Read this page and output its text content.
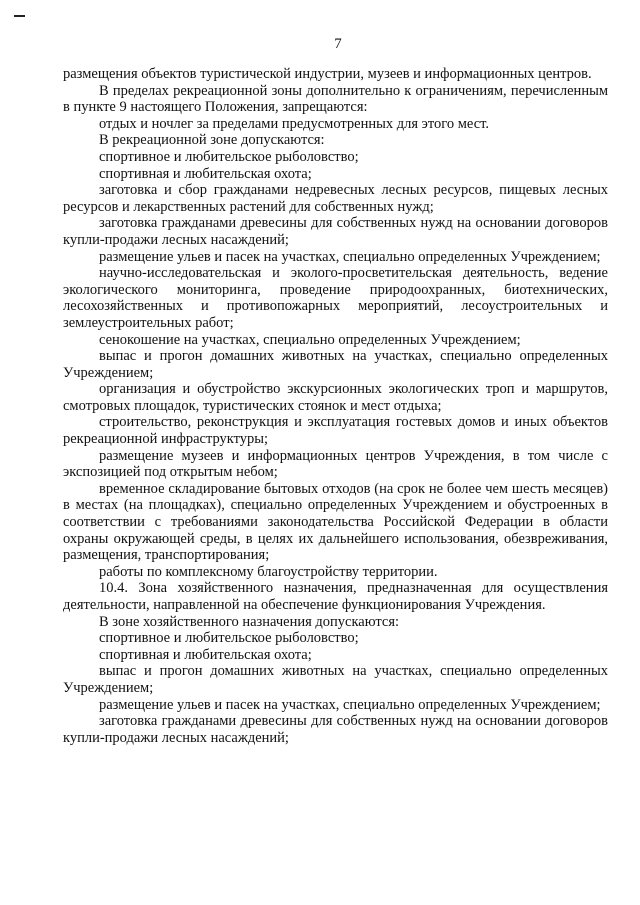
7

размещения объектов туристической индустрии, музеев и информационных центров.

В пределах рекреационной зоны дополнительно к ограничениям, перечисленным в пункте 9 настоящего Положения, запрещаются:

отдых и ночлег за пределами предусмотренных для этого мест.

В рекреационной зоне допускаются:

спортивное и любительское рыболовство;

спортивная и любительская охота;

заготовка и сбор гражданами недревесных лесных ресурсов, пищевых лесных ресурсов и лекарственных растений для собственных нужд;

заготовка гражданами древесины для собственных нужд на основании договоров купли-продажи лесных насаждений;

размещение ульев и пасек на участках, специально определенных Учреждением;

научно-исследовательская и эколого-просветительская деятельность, ведение экологического мониторинга, проведение природоохранных, биотехнических, лесохозяйственных и противопожарных мероприятий, лесоустроительных и землеустроительных работ;

сенокошение на участках, специально определенных Учреждением;

выпас и прогон домашних животных на участках, специально определенных Учреждением;

организация и обустройство экскурсионных экологических троп и маршрутов, смотровых площадок, туристических стоянок и мест отдыха;

строительство, реконструкция и эксплуатация гостевых домов и иных объектов рекреационной инфраструктуры;

размещение музеев и информационных центров Учреждения, в том числе с экспозицией под открытым небом;

временное складирование бытовых отходов (на срок не более чем шесть месяцев) в местах (на площадках), специально определенных Учреждением и обустроенных в соответствии с требованиями законодательства Российской Федерации в области охраны окружающей среды, в целях их дальнейшего использования, обезвреживания, размещения, транспортирования;

работы по комплексному благоустройству территории.

10.4. Зона хозяйственного назначения, предназначенная для осуществления деятельности, направленной на обеспечение функционирования Учреждения.

В зоне хозяйственного назначения допускаются:

спортивное и любительское рыболовство;

спортивная и любительская охота;

выпас и прогон домашних животных на участках, специально определенных Учреждением;

размещение ульев и пасек на участках, специально определенных Учреждением;

заготовка гражданами древесины для собственных нужд на основании договоров купли-продажи лесных насаждений;
